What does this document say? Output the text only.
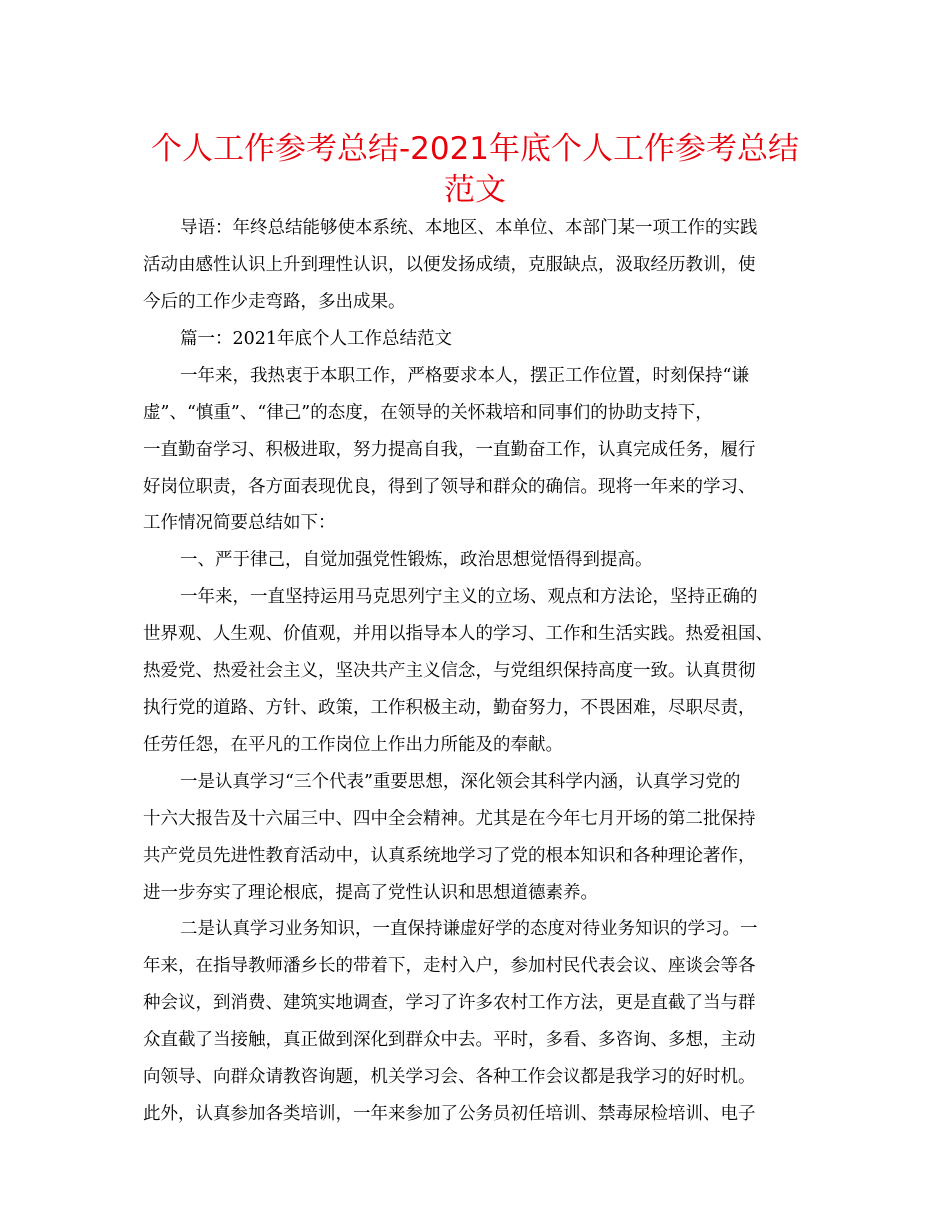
个人工作参考总结-2021年底个人工作参考总结
范文
导语：年终总结能够使本系统、本地区、本单位、本部门某一项工作的实践
活动由感性认识上升到理性认识，以便发扬成绩，克服缺点，汲取经历教训，使
今后的工作少走弯路，多出成果。
篇一：2021年底个人工作总结范文
一年来，我热衷于本职工作，严格要求本人，摆正工作位置，时刻保持“谦
虚”、“慎重”、“律己”的态度，在领导的关怀栽培和同事们的协助支持下，
一直勤奋学习、积极进取，努力提高自我，一直勤奋工作，认真完成任务，履行
好岗位职责，各方面表现优良，得到了领导和群众的确信。现将一年来的学习、
工作情况简要总结如下：
一、严于律己，自觉加强党性锻炼，政治思想觉悟得到提高。
一年来，一直坚持运用马克思列宁主义的立场、观点和方法论，坚持正确的
世界观、人生观、价值观，并用以指导本人的学习、工作和生活实践。热爱祖国、
热爱党、热爱社会主义，坚决共产主义信念，与党组织保持高度一致。认真贯彻
执行党的道路、方针、政策，工作积极主动，勤奋努力，不畏困难，尽职尽责，
任劳任怨，在平凡的工作岗位上作出力所能及的奉献。
一是认真学习“三个代表”重要思想，深化领会其科学内涵，认真学习党的
十六大报告及十六届三中、四中全会精神。尤其是在今年七月开场的第二批保持
共产党员先进性教育活动中，认真系统地学习了党的根本知识和各种理论著作，
进一步夯实了理论根底，提高了党性认识和思想道德素养。
二是认真学习业务知识，一直保持谦虚好学的态度对待业务知识的学习。一
年来，在指导教师潘乡长的带着下，走村入户，参加村民代表会议、座谈会等各
种会议，到消费、建筑实地调查，学习了许多农村工作方法，更是直截了当与群
众直截了当接触，真正做到深化到群众中去。平时，多看、多咨询、多想，主动
向领导、向群众请教咨询题，机关学习会、各种工作会议都是我学习的好时机。
此外，认真参加各类培训，一年来参加了公务员初任培训、禁毒尿检培训、电子
